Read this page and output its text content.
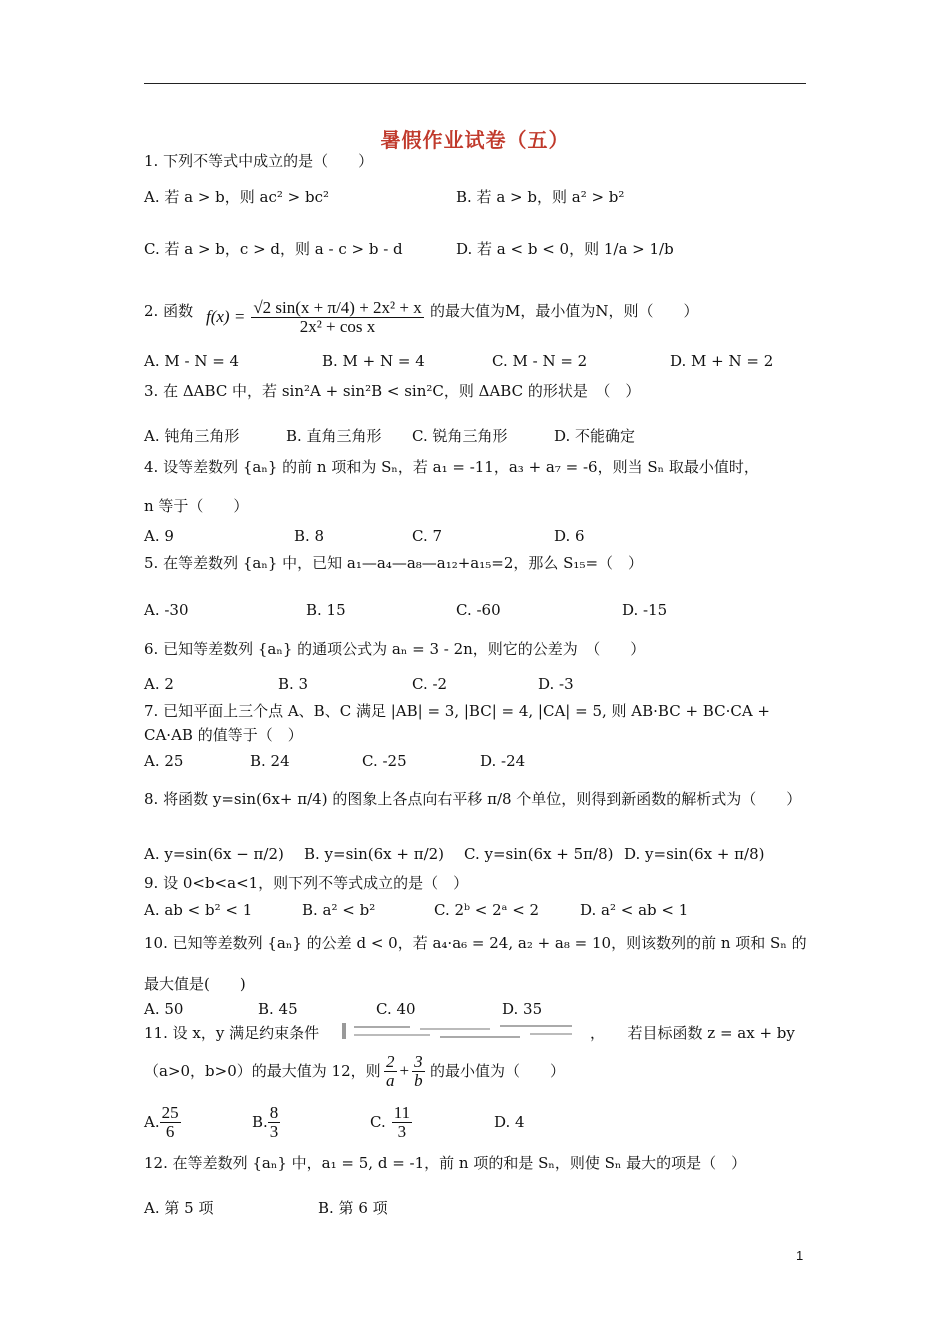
暑假作业试卷（五）
1. 下列不等式中成立的是（　　）
A. 若 a > b，则 ac² > bc²	B. 若 a > b，则 a² > b²
C. 若 a > b，c > d，则 a - c > b - d	D. 若 a < b < 0，则 1/a > 1/b
2. 函数 $f(x) = \frac{\text{√2 sin(x + π/4) + 2x² + x}}{\text{2x² + cos x}}$ 的最大值为M，最小值为N，则（　　）
A. M - N = 4	B. M + N = 4	C. M - N = 2	D. M + N = 2
3. 在 ΔABC 中，若 sin²A + sin²B < sin²C，则 ΔABC 的形状是　（　）
A. 钝角三角形	B. 直角三角形 C. 锐角三角形	D. 不能确定
4. 设等差数列 {aₙ} 的前 n 项和为 Sₙ，若 a₁ = -11，a₃ + a₇ = -6，则当 Sₙ 取最小值时，
n 等于（　　）
A. 9	B. 8	C. 7	D. 6
5. 在等差数列 {aₙ} 中，已知 a₁—a₄—a₈—a₁₂+a₁₅=2，那么 S₁₅=（　）
A. -30	B. 15	C. -60	D. -15
6. 已知等差数列 {aₙ} 的通项公式为 aₙ = 3 - 2n，则它的公差为　（　　）
A. 2	B. 3	C. -2	D. -3
7. 已知平面上三个点 A、B、C 满足 |AB| = 3, |BC| = 4, |CA| = 5, 则 AB·BC + BC·CA +
CA·AB 的值等于（　）
A. 25	B. 24	C. -25	D. -24
8. 将函数 y=sin(6x+ π/4) 的图象上各点向右平移 π/8 个单位，则得到新函数的解析式为（　　）
A. y=sin(6x − π/2) B. y=sin(6x + π/2) C. y=sin(6x + 5π/8) D. y=sin(6x + π/8)
9. 设 0<b<a<1，则下列不等式成立的是（　）
A. ab < b² < 1	B. a² < b²	C. 2ᵇ < 2ᵃ < 2	D. a² < ab < 1
10. 已知等差数列 {aₙ} 的公差 d < 0，若 a₄·a₆ = 24, a₂ + a₈ = 10，则该数列的前 n 项和 Sₙ 的
最大值是(　　)
A. 50	B. 45	C. 40	D. 35
11. 设 x，y 满足约束条件	，　　若目标函数 z = ax + by
（a>0，b>0）的最大值为 12，则 $\frac{2}{a} + \frac{3}{b}$ 的最小值为（　　）
A. $\frac{25}{6}$	B. $\frac{8}{3}$	C. $\frac{11}{3}$	D. 4
12. 在等差数列 {aₙ} 中，a₁ = 5, d = -1，前 n 项的和是 Sₙ，则使 Sₙ 最大的项是（　）
A. 第 5 项	B. 第 6 项
1
